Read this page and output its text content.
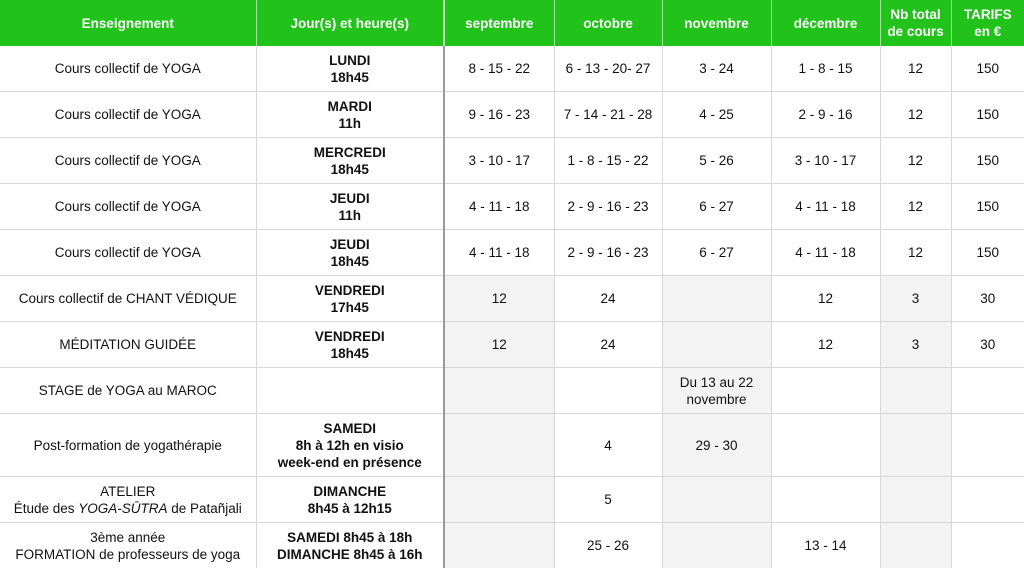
Enseignement	Jour(s) et heure(s)	septembre	octobre	novembre	décembre	Nb total
de cours	TARIFS
en €

Cours collectif de YOGA	LUNDI
18h45	8 - 15 - 22	6 - 13 - 20- 27	3 - 24	1 - 8 - 15	12	150

Cours collectif de YOGA	MARDI
11h	9 - 16 - 23	7 - 14 - 21 - 28	4 - 25	2 - 9 - 16	12	150

Cours collectif de YOGA	MERCREDI
18h45	3 - 10 - 17	1 - 8 - 15 - 22	5 - 26	3 - 10 - 17	12	150

Cours collectif de YOGA	JEUDI
11h	4 - 11 - 18	2 - 9 - 16 - 23	6 - 27	4 - 11 - 18	12	150

Cours collectif de YOGA	JEUDI
18h45	4 - 11 - 18	2 - 9 - 16 - 23	6 - 27	4 - 11 - 18	12	150

Cours collectif de CHANT VÉDIQUE	VENDREDI
17h45	12	24		12	3	30

MÉDITATION GUIDÉE	VENDREDI
18h45	12	24		12	3	30

STAGE de YOGA au MAROC				Du 13 au 22 novembre			

Post-formation de yogathérapie	SAMEDI
8h à 12h en visio
week-end en présence		4	29 - 30			

ATELIER
Étude des YOGA-SŪTRA de Patañjali	DIMANCHE
8h45 à 12h15		5				

3ème année
FORMATION de professeurs de yoga	SAMEDI 8h45 à 18h
DIMANCHE 8h45 à 16h		25 - 26		13 - 14		
